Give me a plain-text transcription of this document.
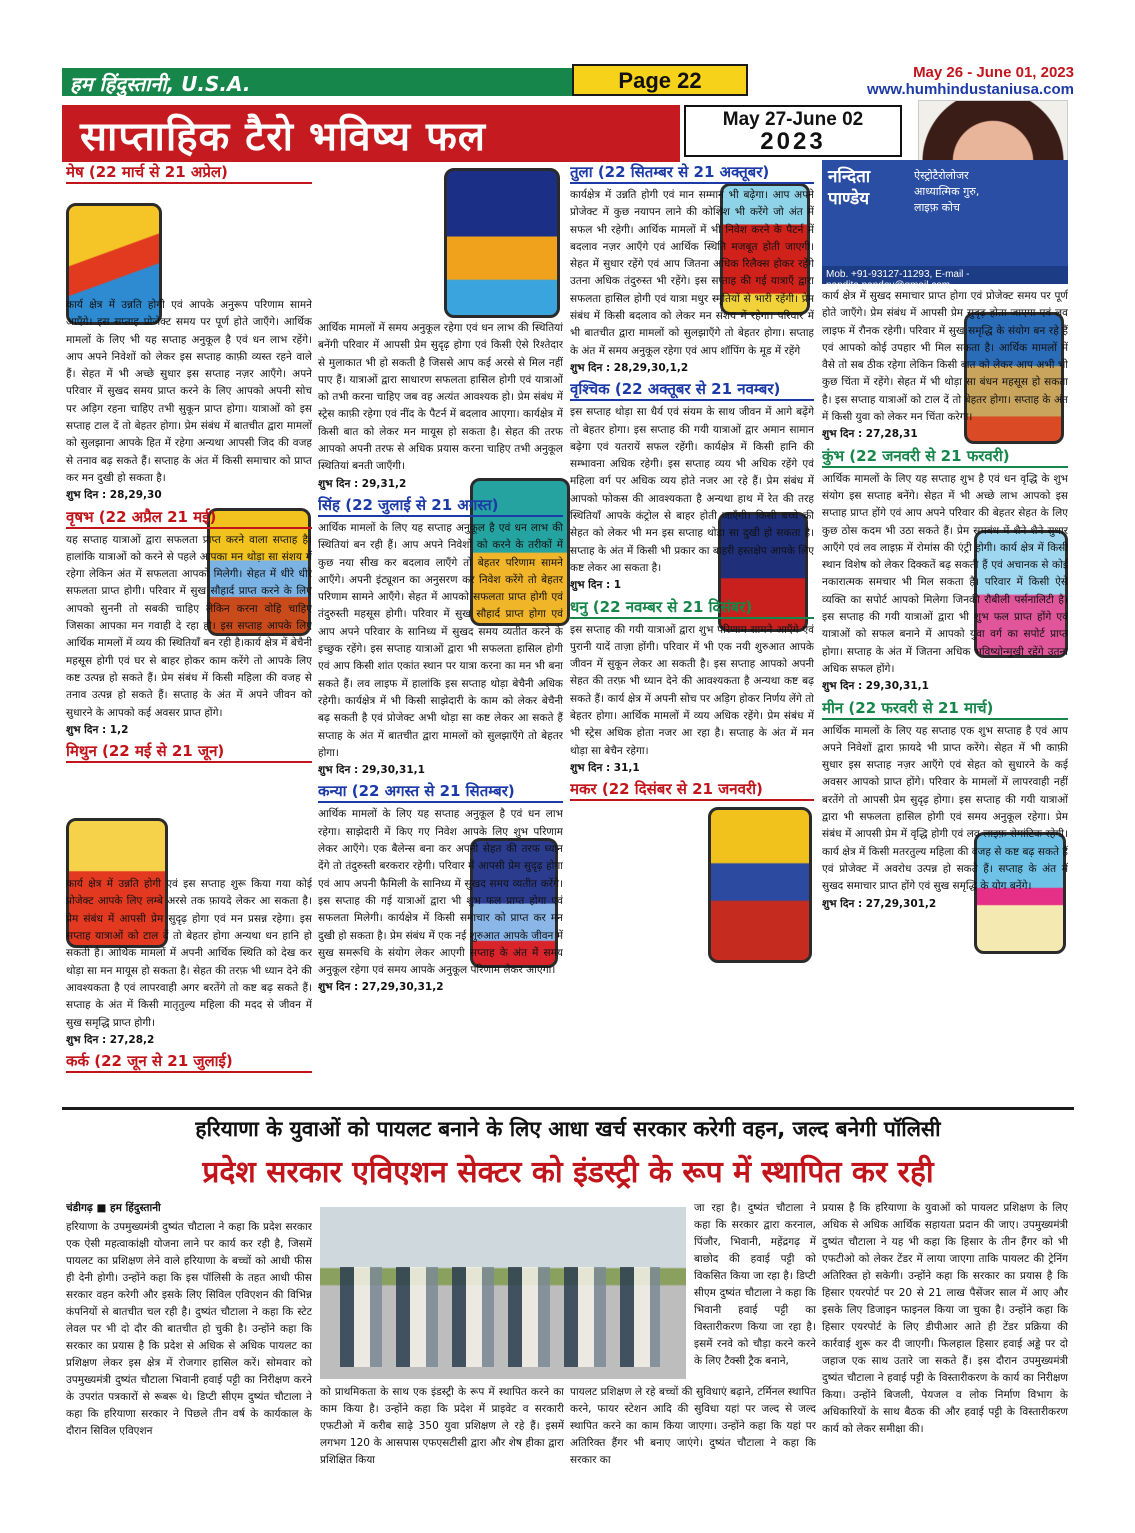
हम हिंदुस्तानी, U.S.A.	Page 22	May 26 - June 01, 2023
www.humhindustaniusa.com
साप्ताहिक टैरो भविष्य फल	May 27-June 02
2023
नन्दिता
पाण्डेय
ऐस्ट्रोटैरोलोजर
आध्यात्मिक गुरु,
लाइफ़ कोच
Mob. +91-93127-11293, E-mail - nandita.pandey@gmail.com
मेष (22 मार्च से 21 अप्रेल)

कार्य क्षेत्र में उन्नति होगी एवं आपके अनुरूप परिणाम सामने आएँगे। इस सप्ताह प्रोजेक्ट समय पर पूर्ण होते जाएँगे। आर्थिक मामलों के लिए भी यह सप्ताह अनुकूल है एवं धन लाभ रहेंगे। आप अपने निवेशों को लेकर इस सप्ताह काफ़ी व्यस्त रहने वाले हैं। सेहत में भी अच्छे सुधार इस सप्ताह नज़र आएँगे। अपने परिवार में सुखद समय प्राप्त करने के लिए आपको अपनी सोच पर अड़िग रहना चाहिए तभी सुकून प्राप्त होगा। यात्राओं को इस सप्ताह टाल दें तो बेहतर होगा। प्रेम संबंध में बातचीत द्वारा मामलों को सुलझाना आपके हित में रहेगा अन्यथा आपसी जिद की वजह से तनाव बढ़ सकते हैं। सप्ताह के अंत में किसी समाचार को प्राप्त कर मन दुखी हो सकता है।

शुभ दिन : 28,29,30

वृषभ (22 अप्रैल 21 मई)

यह सप्ताह यात्राओं द्वारा सफलता प्राप्त करने वाला सप्ताह है। हालांकि यात्राओं को करने से पहले आपका मन थोड़ा सा संशय में रहेगा लेकिन अंत में सफलता आपको मिलेगी। सेहत में धीरे धीरे सफलता प्राप्त होगी। परिवार में सुख सौहार्द प्राप्त करने के लिए आपको सुननी तो सबकी चाहिए लेकिन करना वोहि चाहिए जिसका आपका मन गवाही दे रहा हो। इस सप्ताह आपके लिए आर्थिक मामलों में व्यय की स्थितियाँ बन रही है।कार्य क्षेत्र में बेचैनी महसूस होगी एवं घर से बाहर होकर काम करेंगे तो आपके लिए कष्ट उत्पन्न हो सकते हैं। प्रेम संबंध में किसी महिला की वजह से तनाव उत्पन्न हो सकते हैं। सप्ताह के अंत में अपने जीवन को सुधारने के आपको कई अवसर प्राप्त होंगे।

शुभ दिन : 1,2

मिथुन (22 मई से 21 जून)

कार्य क्षेत्र में उन्नति होगी एवं इस सप्ताह शुरू किया गया कोई प्रोजेक्ट आपके लिए लम्बे अरसे तक फ़ायदे लेकर आ सकता है। प्रेम संबंध में आपसी प्रेम सुदृढ़ होगा एवं मन प्रसन्न रहेगा। इस सप्ताह यात्राओं को टाल दें तो बेहतर होगा अन्यथा धन हानि हो सकती है। आर्थिक मामलों में अपनी आर्थिक स्थिति को देख कर थोड़ा सा मन मायूस हो सकता है। सेहत की तरफ़ भी ध्यान देने की आवश्यकता है एवं लापरवाही अगर बरतेंगे तो कष्ट बढ़ सकते हैं। सप्ताह के अंत में किसी मातृतुल्य महिला की मदद से जीवन में सुख समृद्धि प्राप्त होगी।

शुभ दिन : 27,28,2

कर्क (22 जून से 21 जुलाई)

आर्थिक मामलों में समय अनुकूल रहेगा एवं धन लाभ की स्थितियां बनेंगी परिवार में आपसी प्रेम सुदृढ़ होगा एवं किसी ऐसे रिश्तेदार से मुलाकात भी हो सकती है जिससे आप कई अरसे से मिल नहीं पाए हैं। यात्राओं द्वारा साधारण सफलता हासिल होगी एवं यात्राओं को तभी करना चाहिए जब वह अत्यंत आवश्यक हो। प्रेम संबंध में स्ट्रेस काफ़ी रहेगा एवं नींद के पैटर्न में बदलाव आएगा। कार्यक्षेत्र में किसी बात को लेकर मन मायूस हो सकता है। सेहत की तरफ आपको अपनी तरफ से अधिक प्रयास करना चाहिए तभी अनुकूल स्थितियां बनती जाएँगी।

शुभ दिन : 29,31,2

सिंह (22 जुलाई से 21 अगस्त)

आर्थिक मामलों के लिए यह सप्ताह अनुकूल है एवं धन लाभ की स्थितियां बन रही हैं। आप अपने निवेशों को करने के तरीकों में कुछ नया सीख कर बदलाव लाएँगे तो बेहतर परिणाम सामने आएँगे। अपनी इंट्यूशन का अनुसरण कर निवेश करेंगे तो बेहतर परिणाम सामने आएँगे। सेहत में आपको सफलता प्राप्त होगी एवं तंदुरुस्ती महसूस होगी। परिवार में सुख सौहार्द प्राप्त होगा एवं आप अपने परिवार के सानिध्य में सुखद समय व्यतीत करने के इच्छुक रहेंगे। इस सप्ताह यात्राओं द्वारा भी सफलता हासिल होगी एवं आप किसी शांत एकांत स्थान पर यात्रा करना का मन भी बना सकते हैं। लव लाइफ में हालांकि इस सप्ताह थोड़ा बेचैनी अधिक रहेगी। कार्यक्षेत्र में भी किसी साझेदारी के काम को लेकर बेचैनी बढ़ सकती है एवं प्रोजेक्ट अभी थोड़ा सा कष्ट लेकर आ सकते हैं सप्ताह के अंत में बातचीत द्वारा मामलों को सुलझाएँगे तो बेहतर होगा।

शुभ दिन : 29,30,31,1

कन्या (22 अगस्त से 21 सितम्बर)

आर्थिक मामलों के लिए यह सप्ताह अनुकूल है एवं धन लाभ रहेगा। साझेदारी में किए गए निवेश आपके लिए शुभ परिणाम लेकर आएँगे। एक बैलेन्स बना कर अपनी सेहत की तरफ ध्यान देंगे तो तंदुरुस्ती बरकरार रहेगी। परिवार में आपसी प्रेम सुदृढ़ होगा एवं आप अपनी फैमिली के सानिध्य में सुखद समय व्यतीत करेंगे। इस सप्ताह की गई यात्राओं द्वारा भी शुभ फल प्राप्त होगा एवं सफलता मिलेगी। कार्यक्षेत्र में किसी समाचार को प्राप्त कर मन दुखी हो सकता है। प्रेम संबंध में एक नई शुरुआत आपके जीवन में सुख समरूधि के संयोग लेकर आएगी सप्ताह के अंत में समय अनुकूल रहेगा एवं समय आपके अनुकूल परिणाम लेकर आएगा।

शुभ दिन : 27,29,30,31,2

तुला (22 सितम्बर से 21 अक्तूबर)

कार्यक्षेत्र में उन्नति होगी एवं मान सम्मान भी बढ़ेगा। आप अपने प्रोजेक्ट में कुछ नयापन लाने की कोशिश भी करेंगे जो अंत में सफल भी रहेगी। आर्थिक मामलों में भी निवेश करने के पैटर्न में बदलाव नज़र आएँगे एवं आर्थिक स्थिति मजबूत होती जाएगी। सेहत में सुधार रहेंगे एवं आप जितना अधिक रिलैक्स होकर रहेंगे उतना अधिक तंदुरुस्त भी रहेंगे। इस सप्ताह की गई यात्राएँ द्वारा सफलता हासिल होगी एवं यात्रा मधुर स्मृतियों से भारी रहेंगी। प्रेम संबंध में किसी बदलाव को लेकर मन संशय में रहेगा। परिवार में भी बातचीत द्वारा मामलों को सुलझाएँगे तो बेहतर होगा। सप्ताह के अंत में समय अनुकूल रहेगा एवं आप शॉपिंग के मूड में रहेंगे

शुभ दिन : 28,29,30,1,2

वृश्चिक (22 अक्तूबर से 21 नवम्बर)

इस सप्ताह थोड़ा सा धैर्य एवं संयम के साथ जीवन में आगे बढ़ेंगे तो बेहतर होगा। इस सप्ताह की गयी यात्राओं द्वार अमान सामान बढ़ेगा एवं यतरायें सफल रहेंगी। कार्यक्षेत्र में किसी हानि की सम्भावना अधिक रहेगी। इस सप्ताह व्यय भी अधिक रहेंगे एवं महिला वर्ग पर अधिक व्यय होते नजर आ रहे हैं। प्रेम संबंध में आपको फोकस की आवश्यकता है अन्यथा हाथ में रेत की तरह स्थितियाँ आपके कंट्रोल से बाहर होती जाएँगी। किसी बच्चे की सेहत को लेकर भी मन इस सप्ताह थोड़ा सा दुखी हो सकता है। सप्ताह के अंत में किसी भी प्रकार का बाहरी हस्तक्षेप आपके लिए कष्ट लेकर आ सकता है।

शुभ दिन : 1

धनु (22 नवम्बर से 21 दिसंबर)

इस सप्ताह की गयी यात्राओं द्वारा शुभ परिणाम सामने आएँगे एवं पुरानी यादें ताज़ा होंगी। परिवार में भी एक नयी शुरुआत आपके जीवन में सुकून लेकर आ सकती है। इस सप्ताह आपको अपनी सेहत की तरफ़ भी ध्यान देने की आवश्यकता है अन्यथा कष्ट बढ़ सकते हैं। कार्य क्षेत्र में अपनी सोच पर अड़िग होकर निर्णय लेंगे तो बेहतर होगा। आर्थिक मामलों में व्यय अधिक रहेंगे। प्रेम संबंध में भी स्ट्रेस अधिक होता नजर आ रहा है। सप्ताह के अंत में मन थोड़ा सा बेचैन रहेगा।

शुभ दिन : 31,1

मकर (22 दिसंबर से 21 जनवरी)

कार्य क्षेत्र में सुखद समाचार प्राप्त होगा एवं प्रोजेक्ट समय पर पूर्ण होते जाएँगे। प्रेम संबंध में आपसी प्रेम सुदृढ़ होता जाएगा एवं लव लाइफ में रौनक रहेगी। परिवार में सुख समृद्धि के संयोग बन रहे हैं एवं आपको कोई उपहार भी मिल सकता है। आर्थिक मामलों में वैसे तो सब ठीक रहेगा लेकिन किसी बात को लेकर आप अभी भी कुछ चिंता में रहेंगे। सेहत में भी थोड़ा सा बंधन महसूस हो सकता है। इस सप्ताह यात्राओं को टाल दें तो बेहतर होगा। सप्ताह के अंत में किसी युवा को लेकर मन चिंता करेगा।

शुभ दिन : 27,28,31

कुंभ (22 जनवरी से 21 फरवरी)

आर्थिक मामलों के लिए यह सप्ताह शुभ है एवं धन वृद्धि के शुभ संयोग इस सप्ताह बनेंगे। सेहत में भी अच्छे लाभ आपको इस सप्ताह प्राप्त होंगे एवं आप अपने परिवार की बेहतर सेहत के लिए कुछ ठोस कदम भी उठा सकते हैं। प्रेम समबंध में शैने शैने सुधार आएँगे एवं लव लाइफ़ में रोमांस की एंट्री होगी। कार्य क्षेत्र में किसी स्थान विशेष को लेकर दिक्कतें बढ़ सकती हैं एवं अचानक से कोई नकारात्मक समचार भी मिल सकता है। परिवार में किसी ऐसे व्यक्ति का सपोर्ट आपको मिलेगा जिनकी रौबीली पर्सनालिटी है। इस सप्ताह की गयी यात्राओं द्वारा भी शुभ फल प्राप्त होंगे एवं यात्राओं को सफल बनाने में आपको युवा वर्ग का सपोर्ट प्राप्त होगा। सप्ताह के अंत में जितना अधिक भविष्योन्मुखी रहेंगे उतना अधिक सफल होंगे।

शुभ दिन : 29,30,31,1

मीन (22 फरवरी से 21 मार्च)

आर्थिक मामलों के लिए यह सप्ताह एक शुभ सप्ताह है एवं आप अपने निवेशों द्वारा फ़ायदे भी प्राप्त करेंगे। सेहत में भी काफ़ी सुधार इस सप्ताह नज़र आएँगे एवं सेहत को सुधारने के कई अवसर आपको प्राप्त होंगे। परिवार के मामलों में लापरवाही नहीं बरतेंगे तो आपसी प्रेम सुदृढ़ होगा। इस सप्ताह की गयी यात्राओं द्वारा भी सफलता हासिल होगी एवं समय अनुकूल रहेगा। प्रेम संबंध में आपसी प्रेम में वृद्धि होगी एवं लव लाइफ़ रोमांटिक रहेगी। कार्य क्षेत्र में किसी मतरतुल्य महिला की वजह से कष्ट बढ़ सकते हैं एवं प्रोजेक्ट में अवरोध उत्पन्न हो सकते हैं। सप्ताह के अंत में सुखद समाचार प्राप्त होंगे एवं सुख समृद्धि के योग बनेंगे।

शुभ दिन : 27,29,301,2

हरियाणा के युवाओं को पायलट बनाने के लिए आधा खर्च सरकार करेगी वहन, जल्द बनेगी पॉलिसी
प्रदेश सरकार एविएशन सेक्टर को इंडस्ट्री के रूप में स्थापित कर रही
चंडीगढ़ ■ हम हिंदुस्तानी

हरियाणा के उपमुख्यमंत्री दुष्यंत चौटाला ने कहा कि प्रदेश सरकार एक ऐसी महत्वाकांक्षी योजना लाने पर कार्य कर रही है, जिसमें पायलट का प्रशिक्षण लेने वाले हरियाणा के बच्चों को आधी फीस ही देनी होगी। उन्होंने कहा कि इस पॉलिसी के तहत आधी फीस सरकार वहन करेगी और इसके लिए सिविल एविएशन की विभिन्न कंपनियों से बातचीत चल रही है। दुष्यंत चौटाला ने कहा कि स्टेट लेवल पर भी दो दौर की बातचीत हो चुकी है। उन्होंने कहा कि सरकार का प्रयास है कि प्रदेश से अधिक से अधिक पायलट का प्रशिक्षण लेकर इस क्षेत्र में रोजगार हासिल करें। सोमवार को उपमुख्यमंत्री दुष्यंत चौटाला भिवानी हवाई पट्टी का निरीक्षण करने के उपरांत पत्रकारों से रूबरू थे। डिप्टी सीएम दुष्यंत चौटाला ने कहा कि हरियाणा सरकार ने पिछले तीन वर्ष के कार्यकाल के दौरान सिविल एविएशन

को प्राथमिकता के साथ एक इंडस्ट्री के रूप में स्थापित करने का काम किया है। उन्होंने कहा कि प्रदेश में प्राइवेट व सरकारी एफटीओ में करीब साढ़े 350 युवा प्रशिक्षण ले रहे हैं। इसमें लगभग 120 के आसपास एफएसटीसी द्वारा और शेष हीका द्वारा प्रशिक्षित किया

जा रहा है। दुष्यंत चौटाला ने कहा कि सरकार द्वारा करनाल, पिंजौर, भिवानी, महेंद्रगढ़ में बाछोद की हवाई पट्टी को विकसित किया जा रहा है। डिप्टी सीएम दुष्यंत चौटाला ने कहा कि भिवानी हवाई पट्टी का विस्तारीकरण किया जा रहा है। इसमें रनवे को चौड़ा करने करने के लिए टैक्सी ट्रैक बनाने,

पायलट प्रशिक्षण ले रहे बच्चों की सुविधाएं बढ़ाने, टर्मिनल स्थापित करने, फायर स्टेशन आदि की सुविधा यहां पर जल्द से जल्द स्थापित करने का काम किया जाएगा। उन्होंने कहा कि यहां पर अतिरिक्त हैंगर भी बनाए जाएंगे। दुष्यंत चौटाला ने कहा कि सरकार का

प्रयास है कि हरियाणा के युवाओं को पायलट प्रशिक्षण के लिए अधिक से अधिक आर्थिक सहायता प्रदान की जाए। उपमुख्यमंत्री दुष्यंत चौटाला ने यह भी कहा कि हिसार के तीन हैंगर को भी एफटीओ को लेकर टेंडर में लाया जाएगा ताकि पायलट की ट्रेनिंग अतिरिक्त हो सकेगी। उन्होंने कहा कि सरकार का प्रयास है कि हिसार एयरपोर्ट पर 20 से 21 लाख पैसेंजर साल में आए और इसके लिए डिजाइन फाइनल किया जा चुका है। उन्होंने कहा कि हिसार एयरपोर्ट के लिए डीपीआर आते ही टेंडर प्रक्रिया की कार्रवाई शुरू कर दी जाएगी। फिलहाल हिसार हवाई अड्डे पर दो जहाज एक साथ उतारे जा सकते हैं। इस दौरान उपमुख्यमंत्री दुष्यंत चौटाला ने हवाई पट्टी के विस्तारीकरण के कार्य का निरीक्षण किया। उन्होंने बिजली, पेयजल व लोक निर्माण विभाग के अधिकारियों के साथ बैठक की और हवाई पट्टी के विस्तारीकरण कार्य को लेकर समीक्षा की।
